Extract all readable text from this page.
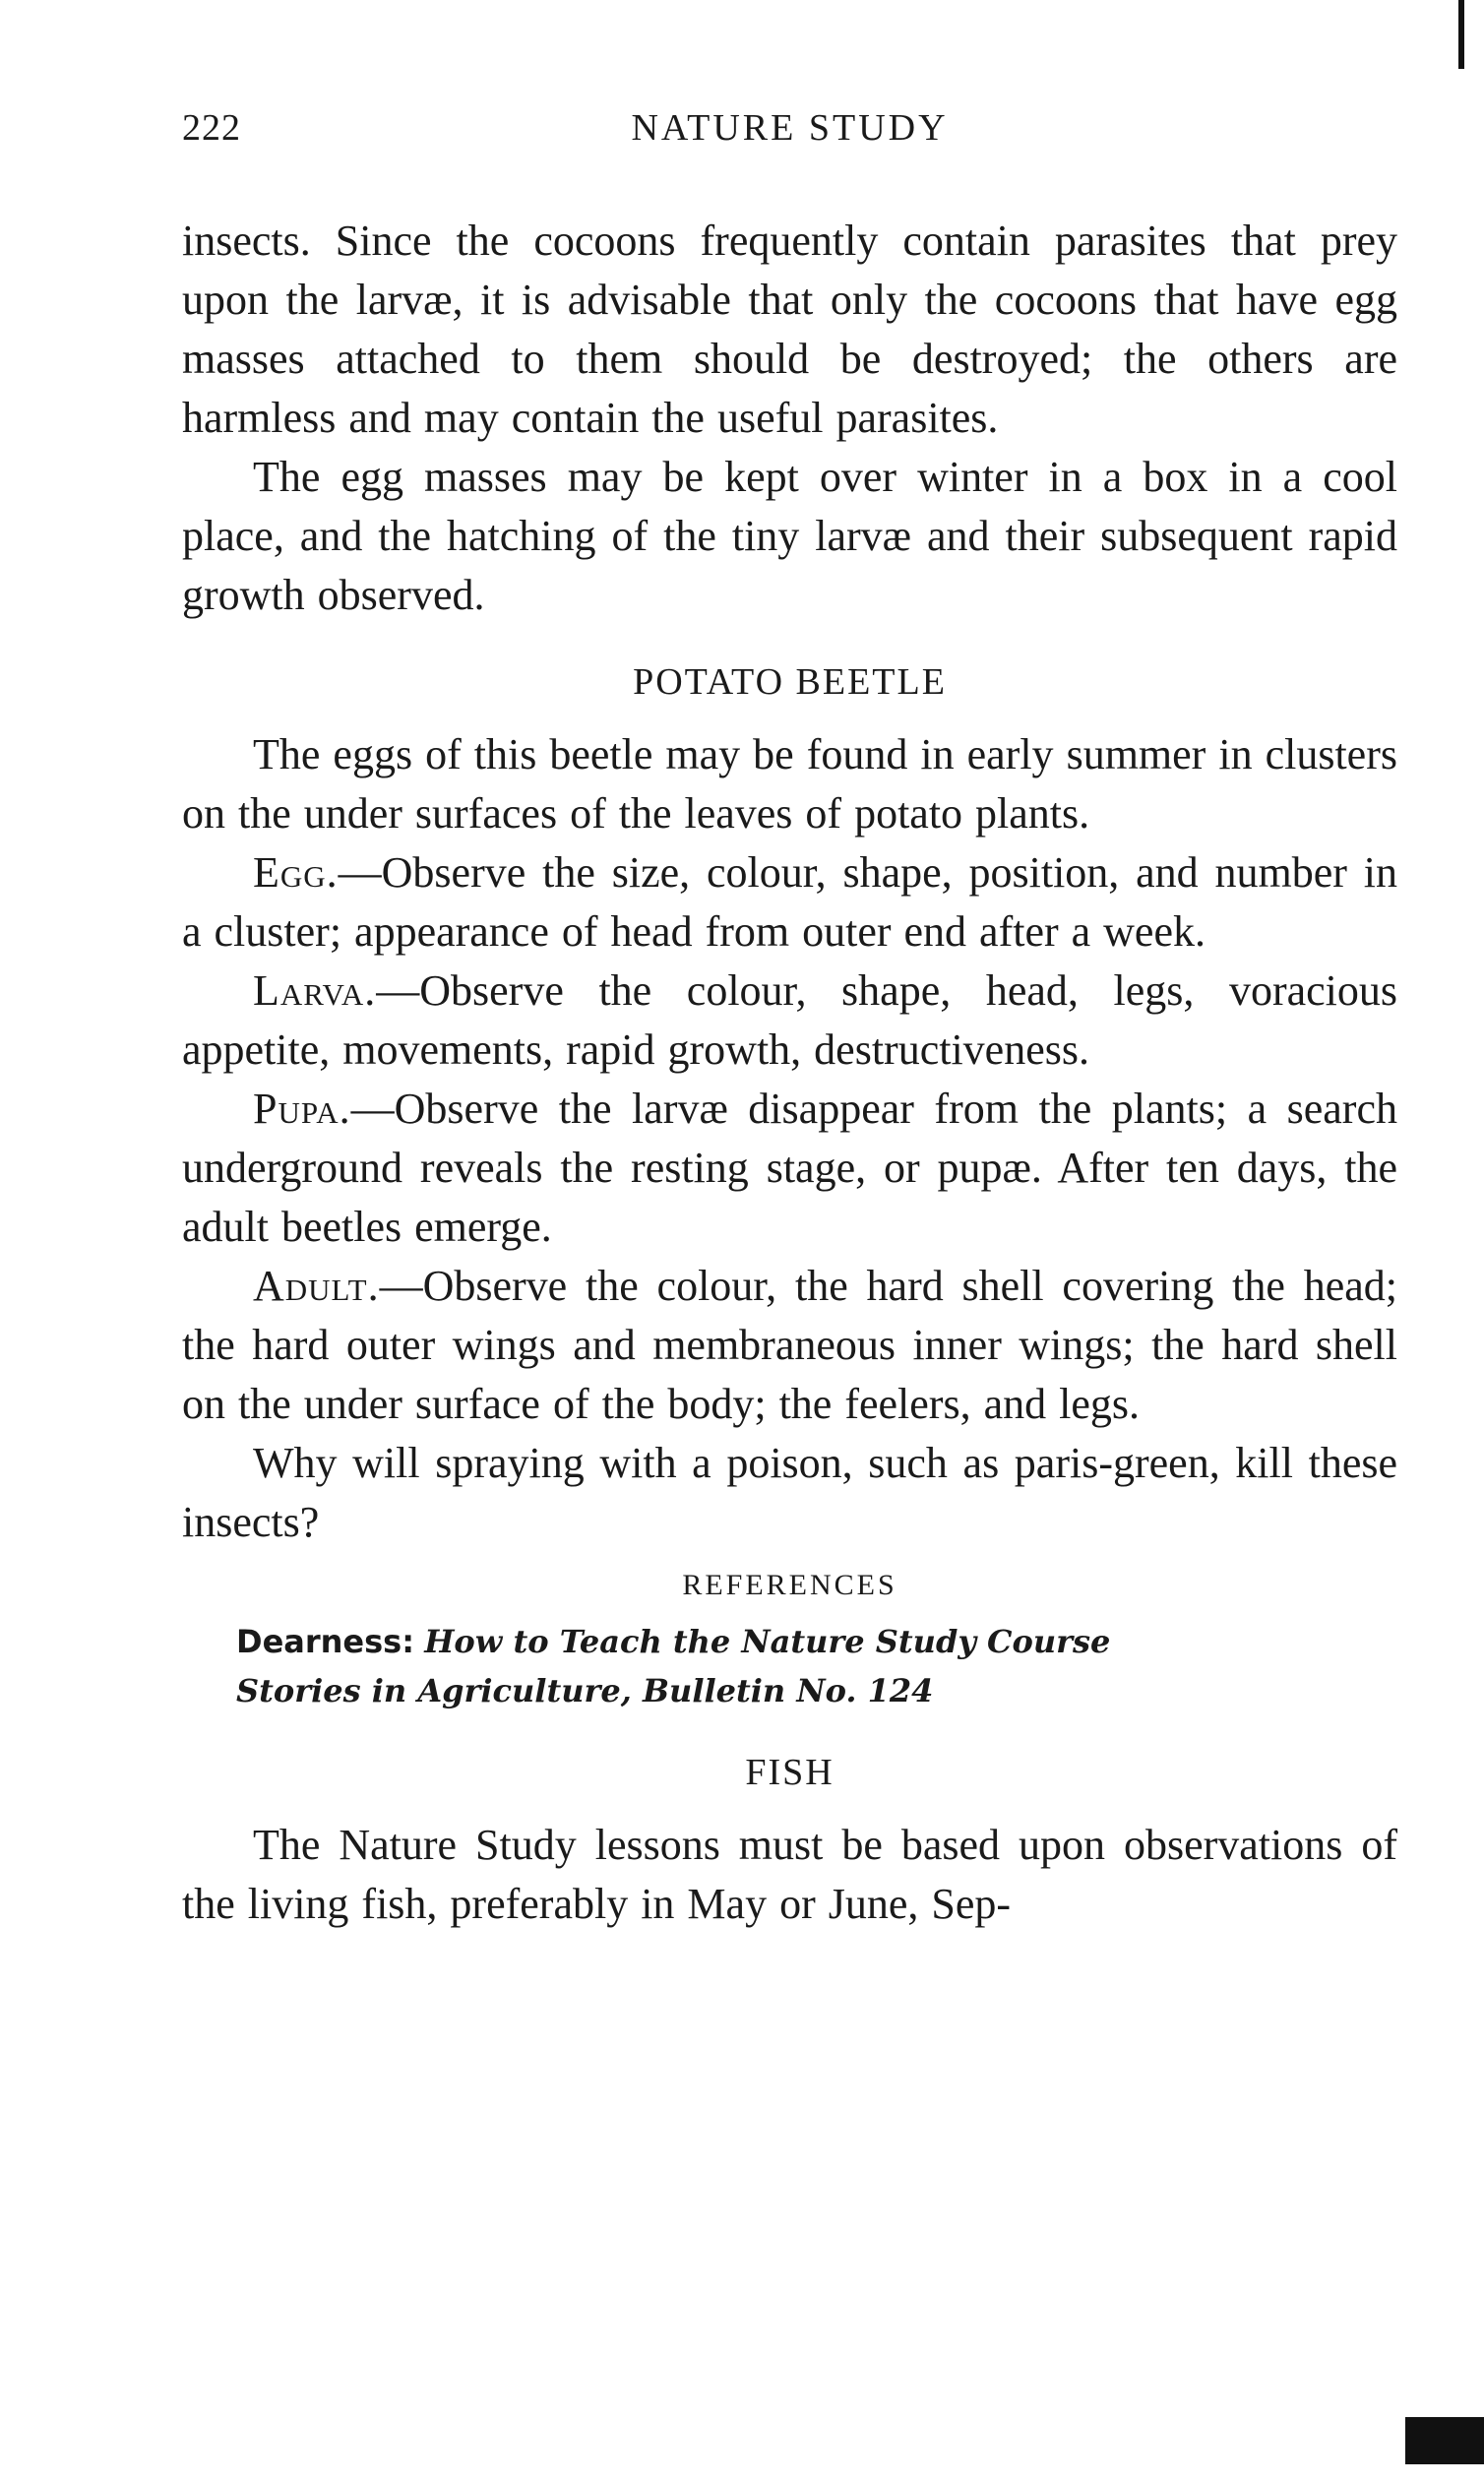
222	NATURE STUDY

insects. Since the cocoons frequently contain parasites that prey upon the larvæ, it is advisable that only the cocoons that have egg masses attached to them should be destroyed; the others are harmless and may contain the useful parasites.

The egg masses may be kept over winter in a box in a cool place, and the hatching of the tiny larvæ and their subsequent rapid growth observed.

POTATO BEETLE

The eggs of this beetle may be found in early summer in clusters on the under surfaces of the leaves of potato plants.

Egg.—Observe the size, colour, shape, position, and number in a cluster; appearance of head from outer end after a week.

Larva.—Observe the colour, shape, head, legs, voracious appetite, movements, rapid growth, destructiveness.

Pupa.—Observe the larvæ disappear from the plants; a search underground reveals the resting stage, or pupæ. After ten days, the adult beetles emerge.

Adult.—Observe the colour, the hard shell covering the head; the hard outer wings and membraneous inner wings; the hard shell on the under surface of the body; the feelers, and legs.

Why will spraying with a poison, such as paris-green, kill these insects?

REFERENCES
Dearness: How to Teach the Nature Study Course
Stories in Agriculture, Bulletin No. 124
FISH

The Nature Study lessons must be based upon observations of the living fish, preferably in May or June, Sep-
